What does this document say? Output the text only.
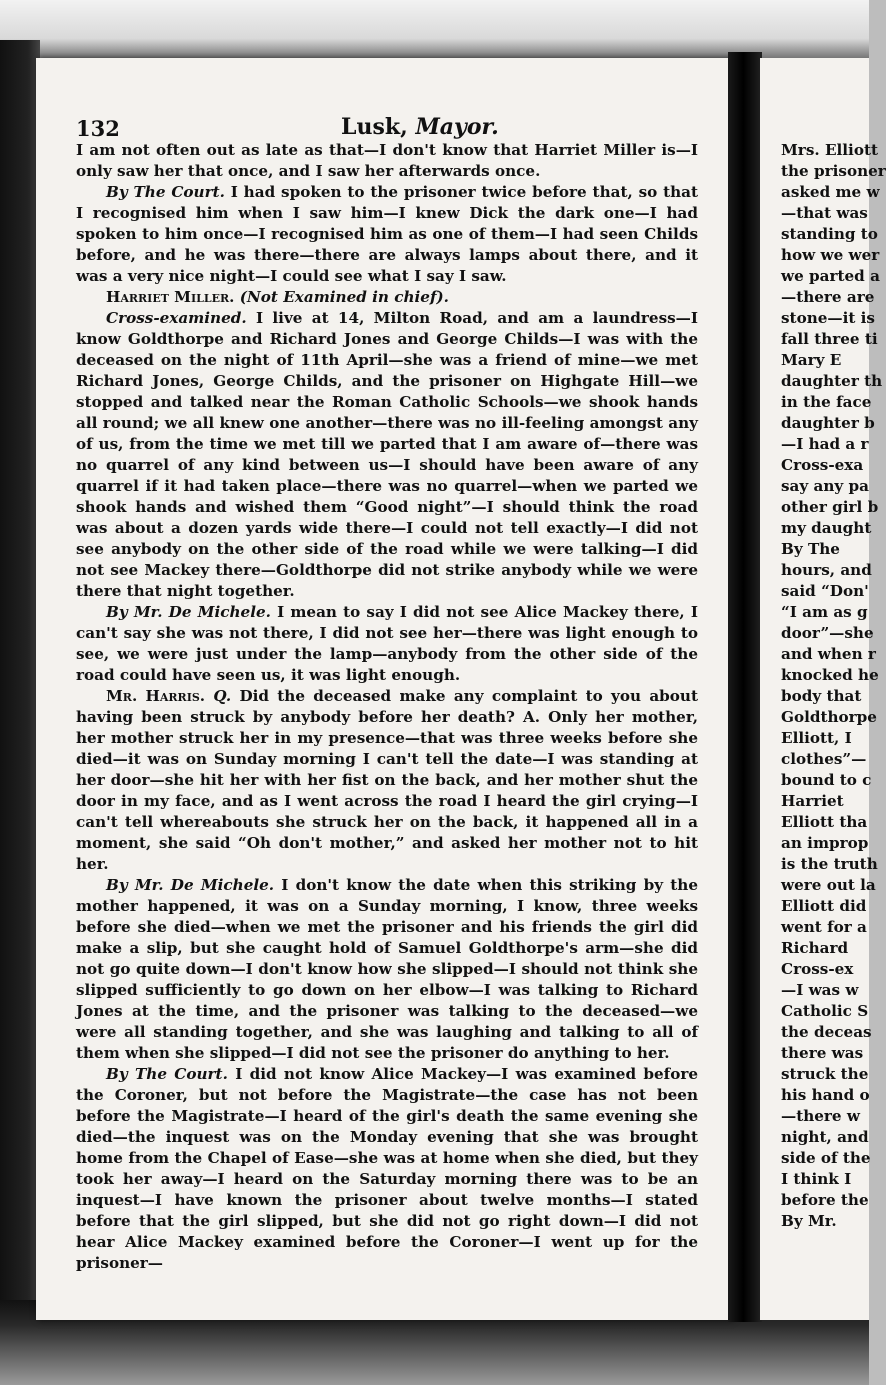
132	Lusk, Mayor.

I am not often out as late as that—I don't know that Harriet Miller is—I only saw her that once, and I saw her afterwards once.

By The Court. I had spoken to the prisoner twice before that, so that I recognised him when I saw him—I knew Dick the dark one—I had spoken to him once—I recognised him as one of them—I had seen Childs before, and he was there—there are always lamps about there, and it was a very nice night—I could see what I say I saw.

Harriet Miller. (Not Examined in chief).

Cross-examined. I live at 14, Milton Road, and am a laundress—I know Goldthorpe and Richard Jones and George Childs—I was with the deceased on the night of 11th April—she was a friend of mine—we met Richard Jones, George Childs, and the prisoner on Highgate Hill—we stopped and talked near the Roman Catholic Schools—we shook hands all round; we all knew one another—there was no ill-feeling amongst any of us, from the time we met till we parted that I am aware of—there was no quarrel of any kind between us—I should have been aware of any quarrel if it had taken place—there was no quarrel—when we parted we shook hands and wished them “Good night”—I should think the road was about a dozen yards wide there—I could not tell exactly—I did not see anybody on the other side of the road while we were talking—I did not see Mackey there—Goldthorpe did not strike anybody while we were there that night together.

By Mr. De Michele. I mean to say I did not see Alice Mackey there, I can't say she was not there, I did not see her—there was light enough to see, we were just under the lamp—anybody from the other side of the road could have seen us, it was light enough.

Mr. Harris. Q. Did the deceased make any complaint to you about having been struck by anybody before her death? A. Only her mother, her mother struck her in my presence—that was three weeks before she died—it was on Sunday morning I can't tell the date—I was standing at her door—she hit her with her fist on the back, and her mother shut the door in my face, and as I went across the road I heard the girl crying—I can't tell whereabouts she struck her on the back, it happened all in a moment, she said “Oh don't mother,” and asked her mother not to hit her.

By Mr. De Michele. I don't know the date when this striking by the mother happened, it was on a Sunday morning, I know, three weeks before she died—when we met the prisoner and his friends the girl did make a slip, but she caught hold of Samuel Goldthorpe's arm—she did not go quite down—I don't know how she slipped—I should not think she slipped sufficiently to go down on her elbow—I was talking to Richard Jones at the time, and the prisoner was talking to the deceased—we were all standing together, and she was laughing and talking to all of them when she slipped—I did not see the prisoner do anything to her.

By The Court. I did not know Alice Mackey—I was examined before the Coroner, but not before the Magistrate—the case has not been before the Magistrate—I heard of the girl's death the same evening she died—the inquest was on the Monday evening that she was brought home from the Chapel of Ease—she was at home when she died, but they took her away—I heard on the Saturday morning there was to be an inquest—I have known the prisoner about twelve months—I stated before that the girl slipped, but she did not go right down—I did not hear Alice Mackey examined before the Coroner—I went up for the prisoner—

Mrs. Elliott
the prisoner
asked me w
—that was
standing to
how we wer
we parted a
—there are
stone—it is
fall three ti
Mary E
daughter th
in the face
daughter b
—I had a r
Cross-exa
say any pa
other girl b
my daught
By The
hours, and
said “Don'
“I am as g
door”—she
and when r
knocked he
body that
Goldthorpe
Elliott, I
clothes”—
bound to c
Harriet
Elliott tha
an improp
is the truth
were out la
Elliott did
went for a
Richard
Cross-ex
—I was w
Catholic S
the deceas
there was
struck the
his hand o
—there w
night, and
side of the
I think I
before the
By Mr.
